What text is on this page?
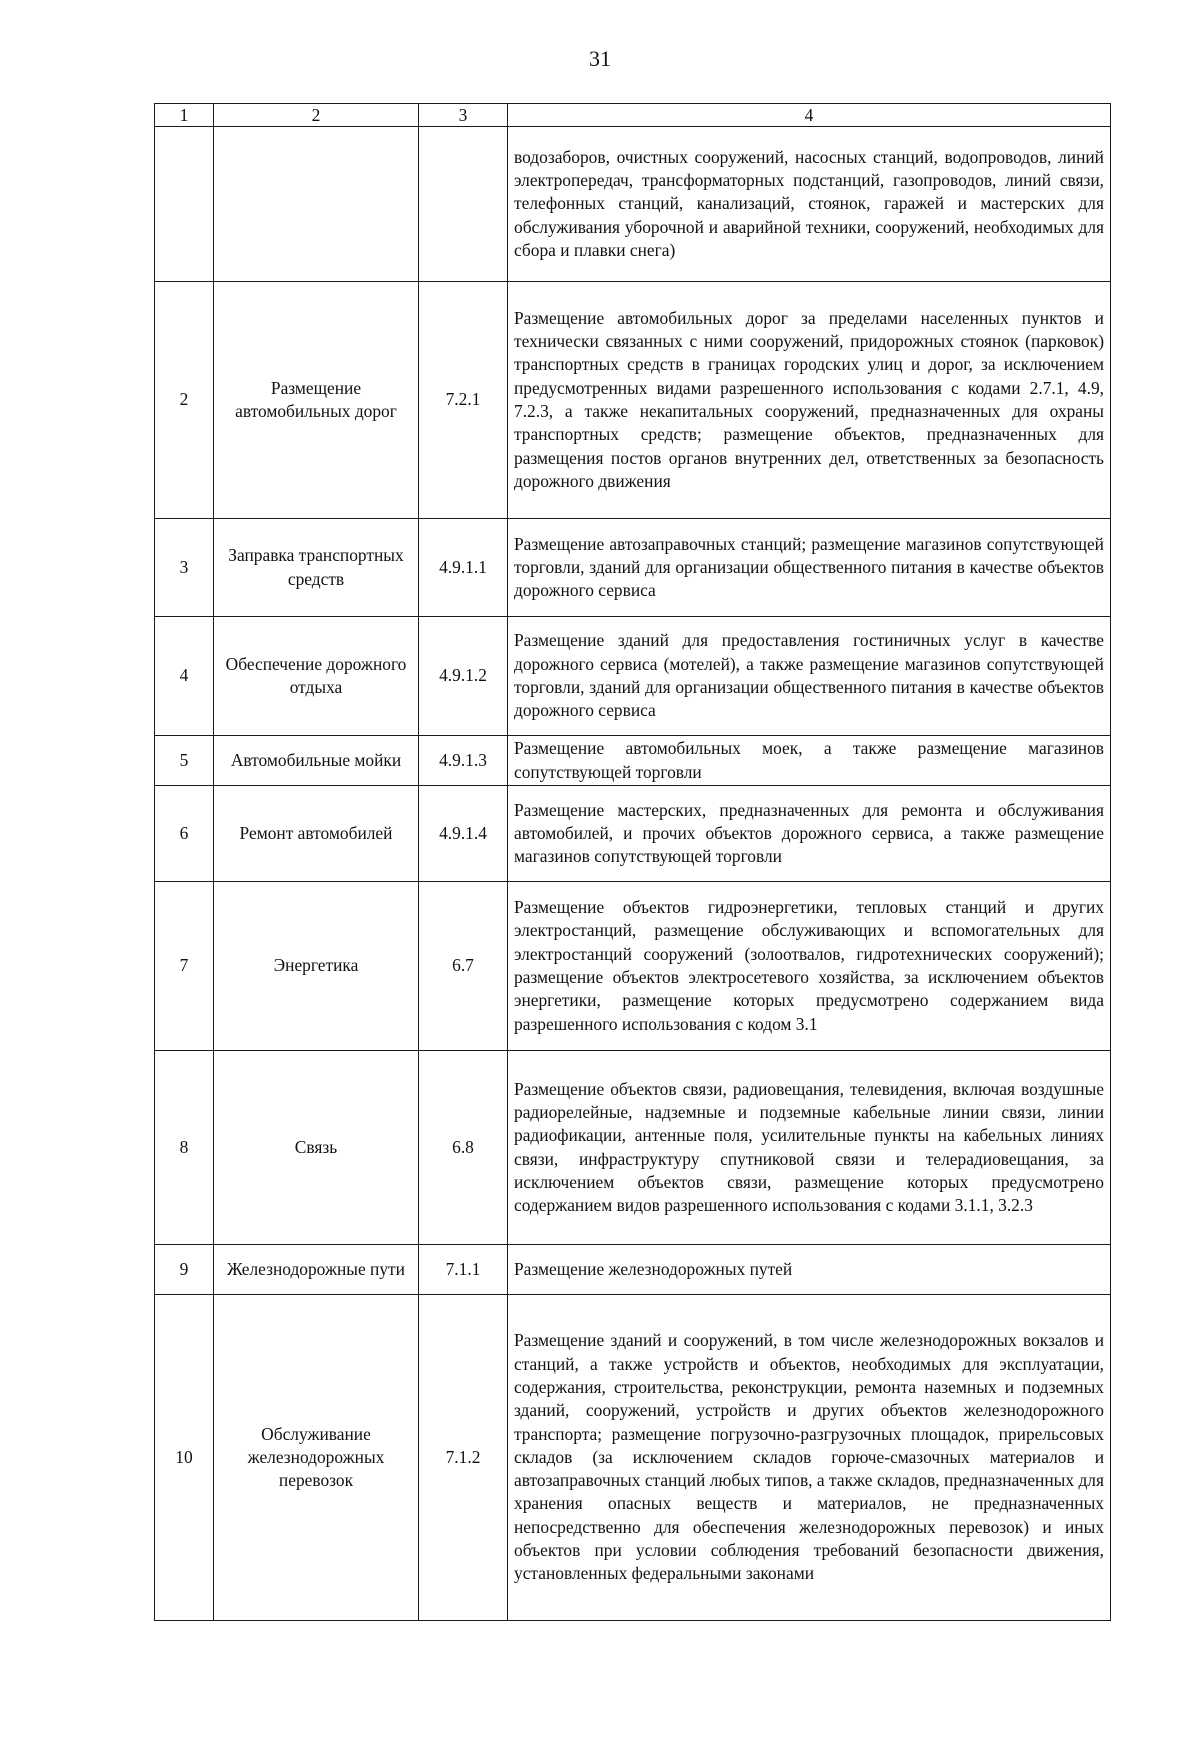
31
1	2	3	4
			водозаборов, очистных сооружений, насосных станций, водопроводов, линий электропередач, трансформаторных подстанций, газопроводов, линий связи, телефонных станций, канализаций, стоянок, гаражей и мастерских для обслуживания уборочной и аварийной техники, сооружений, необходимых для сбора и плавки снега)
2	Размещение автомобильных дорог	7.2.1	Размещение автомобильных дорог за пределами населенных пунктов и технически связанных с ними сооружений, придорожных стоянок (парковок) транспортных средств в границах городских улиц и дорог, за исключением предусмотренных видами разрешенного использования с кодами 2.7.1, 4.9, 7.2.3, а также некапитальных сооружений, предназначенных для охраны транспортных средств; размещение объектов, предназначенных для размещения постов органов внутренних дел, ответственных за безопасность дорожного движения
3	Заправка транспортных средств	4.9.1.1	Размещение автозаправочных станций; размещение магазинов сопутствующей торговли, зданий для организации общественного питания в качестве объектов дорожного сервиса
4	Обеспечение дорожного отдыха	4.9.1.2	Размещение зданий для предоставления гостиничных услуг в качестве дорожного сервиса (мотелей), а также размещение магазинов сопутствующей торговли, зданий для организации общественного питания в качестве объектов дорожного сервиса
5	Автомобильные мойки	4.9.1.3	Размещение автомобильных моек, а также размещение магазинов сопутствующей торговли
6	Ремонт автомобилей	4.9.1.4	Размещение мастерских, предназначенных для ремонта и обслуживания автомобилей, и прочих объектов дорожного сервиса, а также размещение магазинов сопутствующей торговли
7	Энергетика	6.7	Размещение объектов гидроэнергетики, тепловых станций и других электростанций, размещение обслуживающих и вспомогательных для электростанций сооружений (золоотвалов, гидротехнических сооружений); размещение объектов электросетевого хозяйства, за исключением объектов энергетики, размещение которых предусмотрено содержанием вида разрешенного использования с кодом 3.1
8	Связь	6.8	Размещение объектов связи, радиовещания, телевидения, включая воздушные радиорелейные, надземные и подземные кабельные линии связи, линии радиофикации, антенные поля, усилительные пункты на кабельных линиях связи, инфраструктуру спутниковой связи и телерадиовещания, за исключением объектов связи, размещение которых предусмотрено содержанием видов разрешенного использования с кодами 3.1.1, 3.2.3
9	Железнодорожные пути	7.1.1	Размещение железнодорожных путей
10	Обслуживание железнодорожных перевозок	7.1.2	Размещение зданий и сооружений, в том числе железнодорожных вокзалов и станций, а также устройств и объектов, необходимых для эксплуатации, содержания, строительства, реконструкции, ремонта наземных и подземных зданий, сооружений, устройств и других объектов железнодорожного транспорта; размещение погрузочно-разгрузочных площадок, прирельсовых складов (за исключением складов горюче-смазочных материалов и автозаправочных станций любых типов, а также складов, предназначенных для хранения опасных веществ и материалов, не предназначенных непосредственно для обеспечения железнодорожных перевозок) и иных объектов при условии соблюдения требований безопасности движения, установленных федеральными законами
